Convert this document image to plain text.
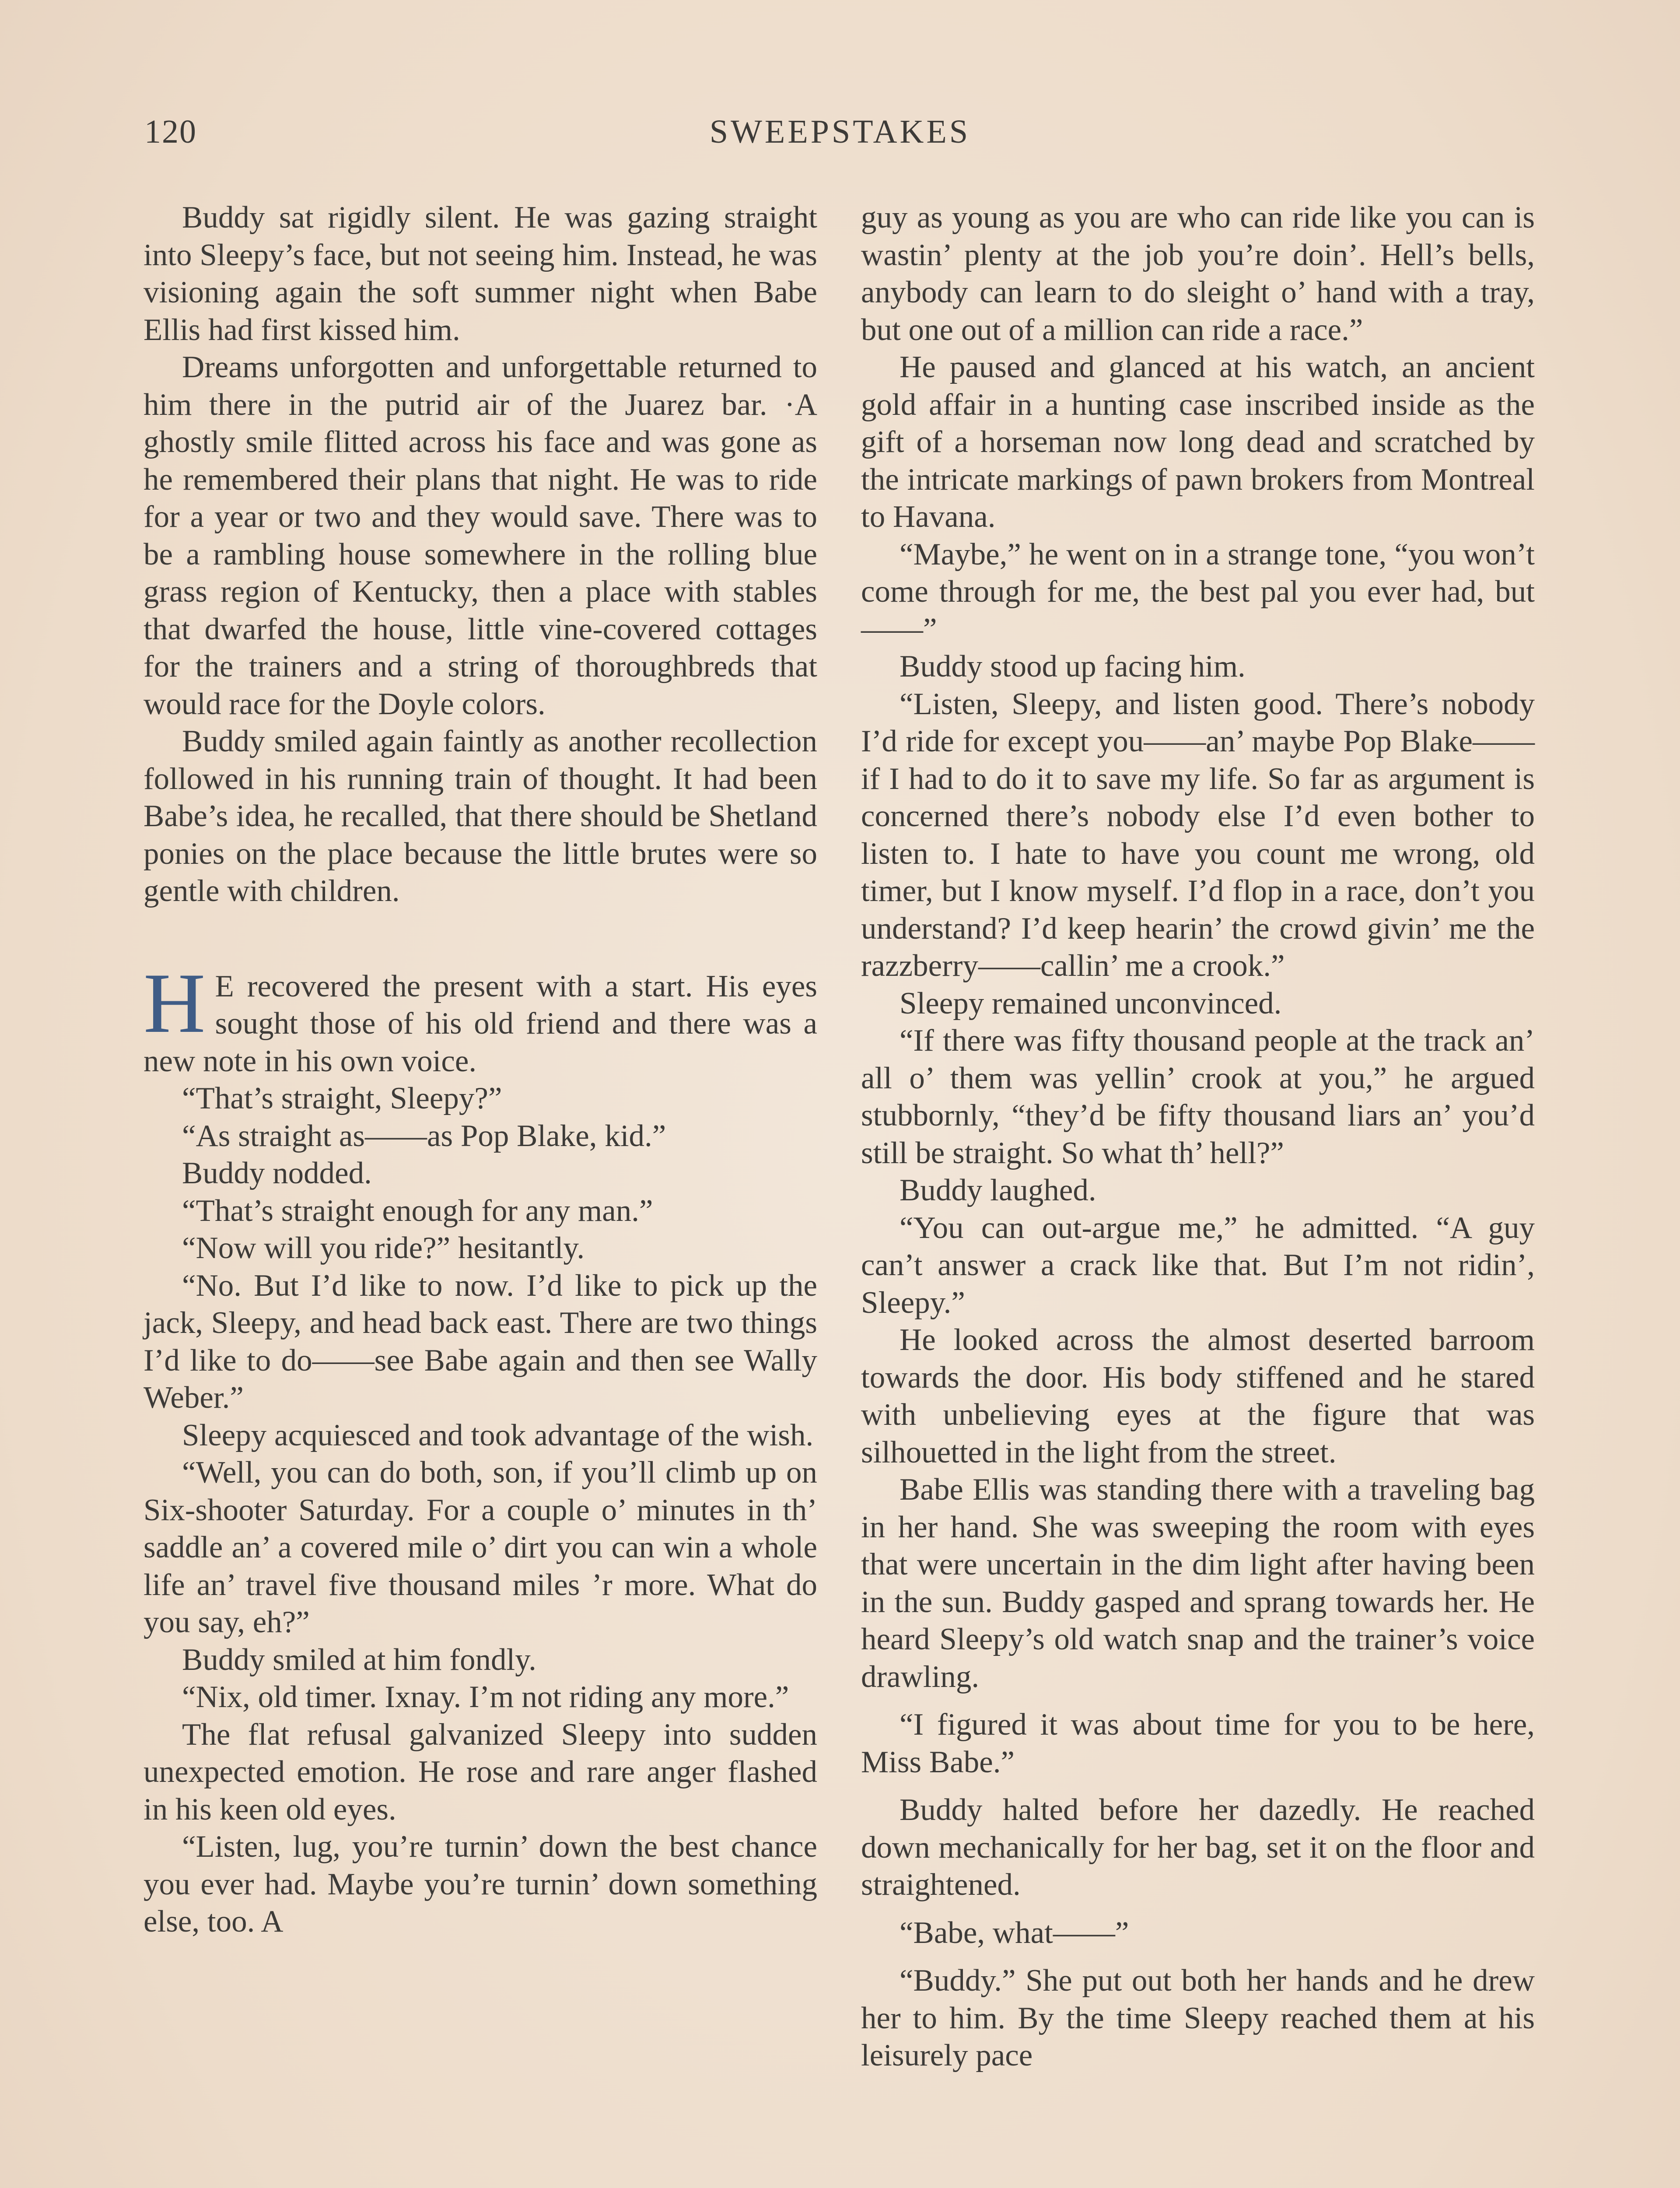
120	SWEEPSTAKES

Buddy sat rigidly silent. He was gazing straight into Sleepy’s face, but not seeing him. Instead, he was visioning again the soft summer night when Babe Ellis had first kissed him.

Dreams unforgotten and unforgettable returned to him there in the putrid air of the Juarez bar. ·A ghostly smile flitted across his face and was gone as he remembered their plans that night. He was to ride for a year or two and they would save. There was to be a rambling house somewhere in the rolling blue grass region of Kentucky, then a place with stables that dwarfed the house, little vine-covered cottages for the trainers and a string of thoroughbreds that would race for the Doyle colors.

Buddy smiled again faintly as another recollection followed in his running train of thought. It had been Babe’s idea, he recalled, that there should be Shetland ponies on the place because the little brutes were so gentle with children.

H E recovered the present with a start. His eyes sought those of his old friend and there was a new note in his own voice.

“That’s straight, Sleepy?”

“As straight as——as Pop Blake, kid.”

Buddy nodded.

“That’s straight enough for any man.”

“Now will you ride?” hesitantly.

“No. But I’d like to now. I’d like to pick up the jack, Sleepy, and head back east. There are two things I’d like to do——see Babe again and then see Wally Weber.”

Sleepy acquiesced and took advantage of the wish.

“Well, you can do both, son, if you’ll climb up on Six-shooter Saturday. For a couple o’ minutes in th’ saddle an’ a covered mile o’ dirt you can win a whole life an’ travel five thousand miles ’r more. What do you say, eh?”

Buddy smiled at him fondly.

“Nix, old timer. Ixnay. I’m not riding any more.”

The flat refusal galvanized Sleepy into sudden unexpected emotion. He rose and rare anger flashed in his keen old eyes.

“Listen, lug, you’re turnin’ down the best chance you ever had. Maybe you’re turnin’ down something else, too. A

guy as young as you are who can ride like you can is wastin’ plenty at the job you’re doin’. Hell’s bells, anybody can learn to do sleight o’ hand with a tray, but one out of a million can ride a race.”

He paused and glanced at his watch, an ancient gold affair in a hunting case inscribed inside as the gift of a horseman now long dead and scratched by the intricate markings of pawn brokers from Montreal to Havana.

“Maybe,” he went on in a strange tone, “you won’t come through for me, the best pal you ever had, but——”

Buddy stood up facing him.

“Listen, Sleepy, and listen good. There’s nobody I’d ride for except you——an’ maybe Pop Blake——if I had to do it to save my life. So far as argument is concerned there’s nobody else I’d even bother to listen to. I hate to have you count me wrong, old timer, but I know myself. I’d flop in a race, don’t you understand? I’d keep hearin’ the crowd givin’ me the razzberry——callin’ me a crook.”

Sleepy remained unconvinced.

“If there was fifty thousand people at the track an’ all o’ them was yellin’ crook at you,” he argued stubbornly, “they’d be fifty thousand liars an’ you’d still be straight. So what th’ hell?”

Buddy laughed.

“You can out-argue me,” he admitted. “A guy can’t answer a crack like that. But I’m not ridin’, Sleepy.”

He looked across the almost deserted barroom towards the door. His body stiffened and he stared with unbelieving eyes at the figure that was silhouetted in the light from the street.

Babe Ellis was standing there with a traveling bag in her hand. She was sweeping the room with eyes that were uncertain in the dim light after having been in the sun. Buddy gasped and sprang towards her. He heard Sleepy’s old watch snap and the trainer’s voice drawling.

“I figured it was about time for you to be here, Miss Babe.”

Buddy halted before her dazedly. He reached down mechanically for her bag, set it on the floor and straightened.

“Babe, what——”

“Buddy.” She put out both her hands and he drew her to him. By the time Sleepy reached them at his leisurely pace
